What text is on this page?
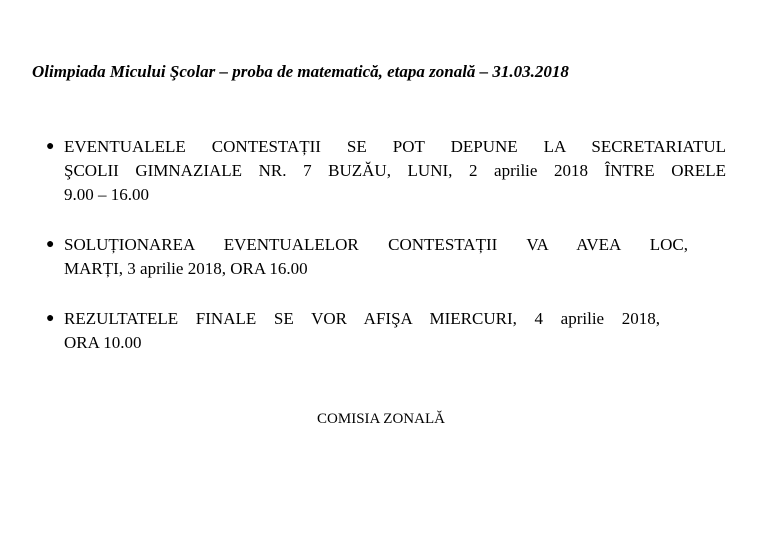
Olimpiada Micului Şcolar – proba de matematică, etapa zonală – 31.03.2018

● EVENTUALELE CONTESTAȚII SE POT DEPUNE LA SECRETARIATUL
ŞCOLII GIMNAZIALE NR. 7 BUZĂU, LUNI, 2 aprilie 2018 ÎNTRE ORELE
9.00 – 16.00
● SOLUȚIONAREA EVENTUALELOR CONTESTAȚII VA AVEA LOC,
MARȚI, 3 aprilie 2018, ORA 16.00
● REZULTATELE FINALE SE VOR AFIŞA MIERCURI, 4 aprilie 2018,
ORA 10.00
COMISIA ZONALĂ
